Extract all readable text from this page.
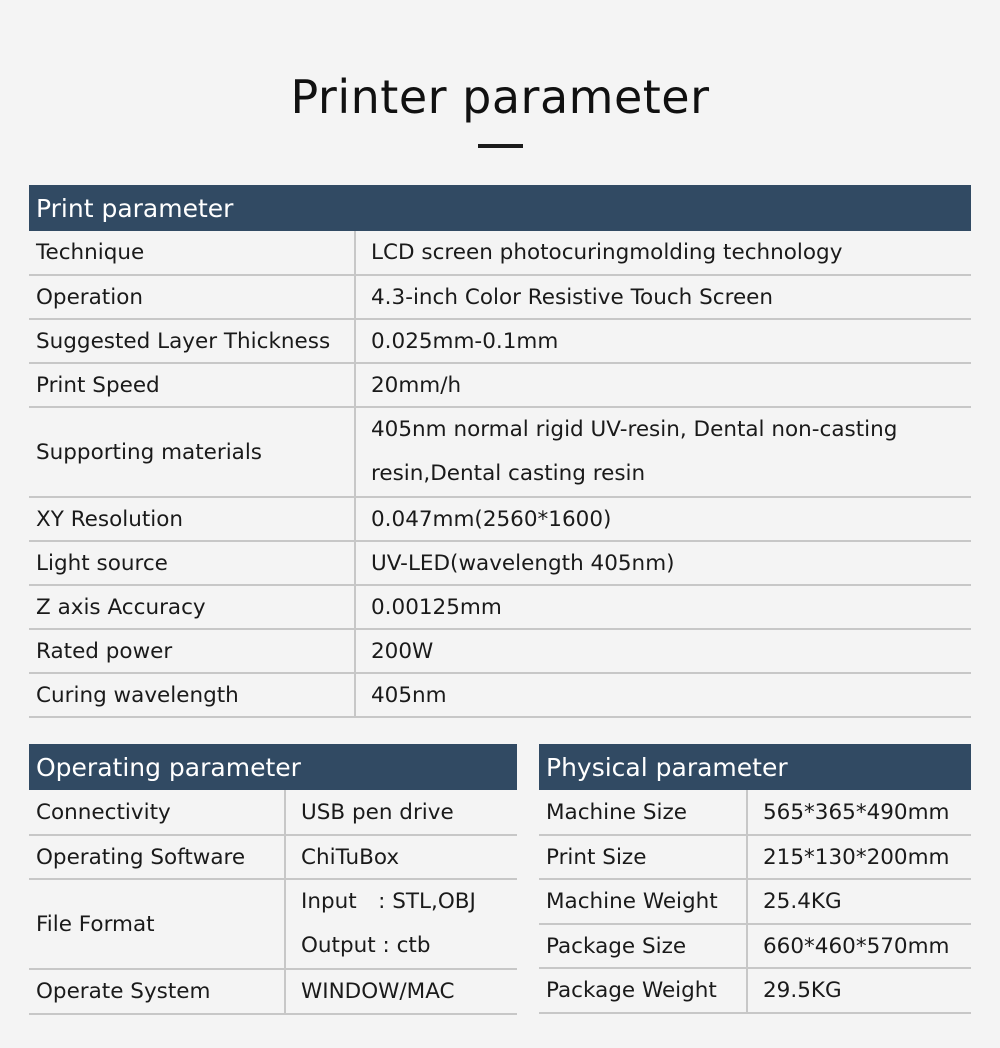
Printer parameter
Print parameter
Technique	LCD screen photocuringmolding technology
Operation	4.3-inch Color Resistive Touch Screen
Suggested Layer Thickness	0.025mm-0.1mm
Print Speed	20mm/h
Supporting materials	405nm normal rigid UV-resin, Dental non-casting
resin,Dental casting resin

XY Resolution	0.047mm(2560*1600)
Light source	UV-LED(wavelength 405nm)
Z axis Accuracy	0.00125mm
Rated power	200W
Curing wavelength	405nm
Operating parameter
Connectivity	USB pen drive
Operating Software	ChiTuBox
File Format	Input　: STL,OBJ
Output : ctb

Operate System	WINDOW/MAC
Physical parameter
Machine Size	565*365*490mm
Print Size	215*130*200mm
Machine Weight	25.4KG
Package Size	660*460*570mm
Package Weight	29.5KG
